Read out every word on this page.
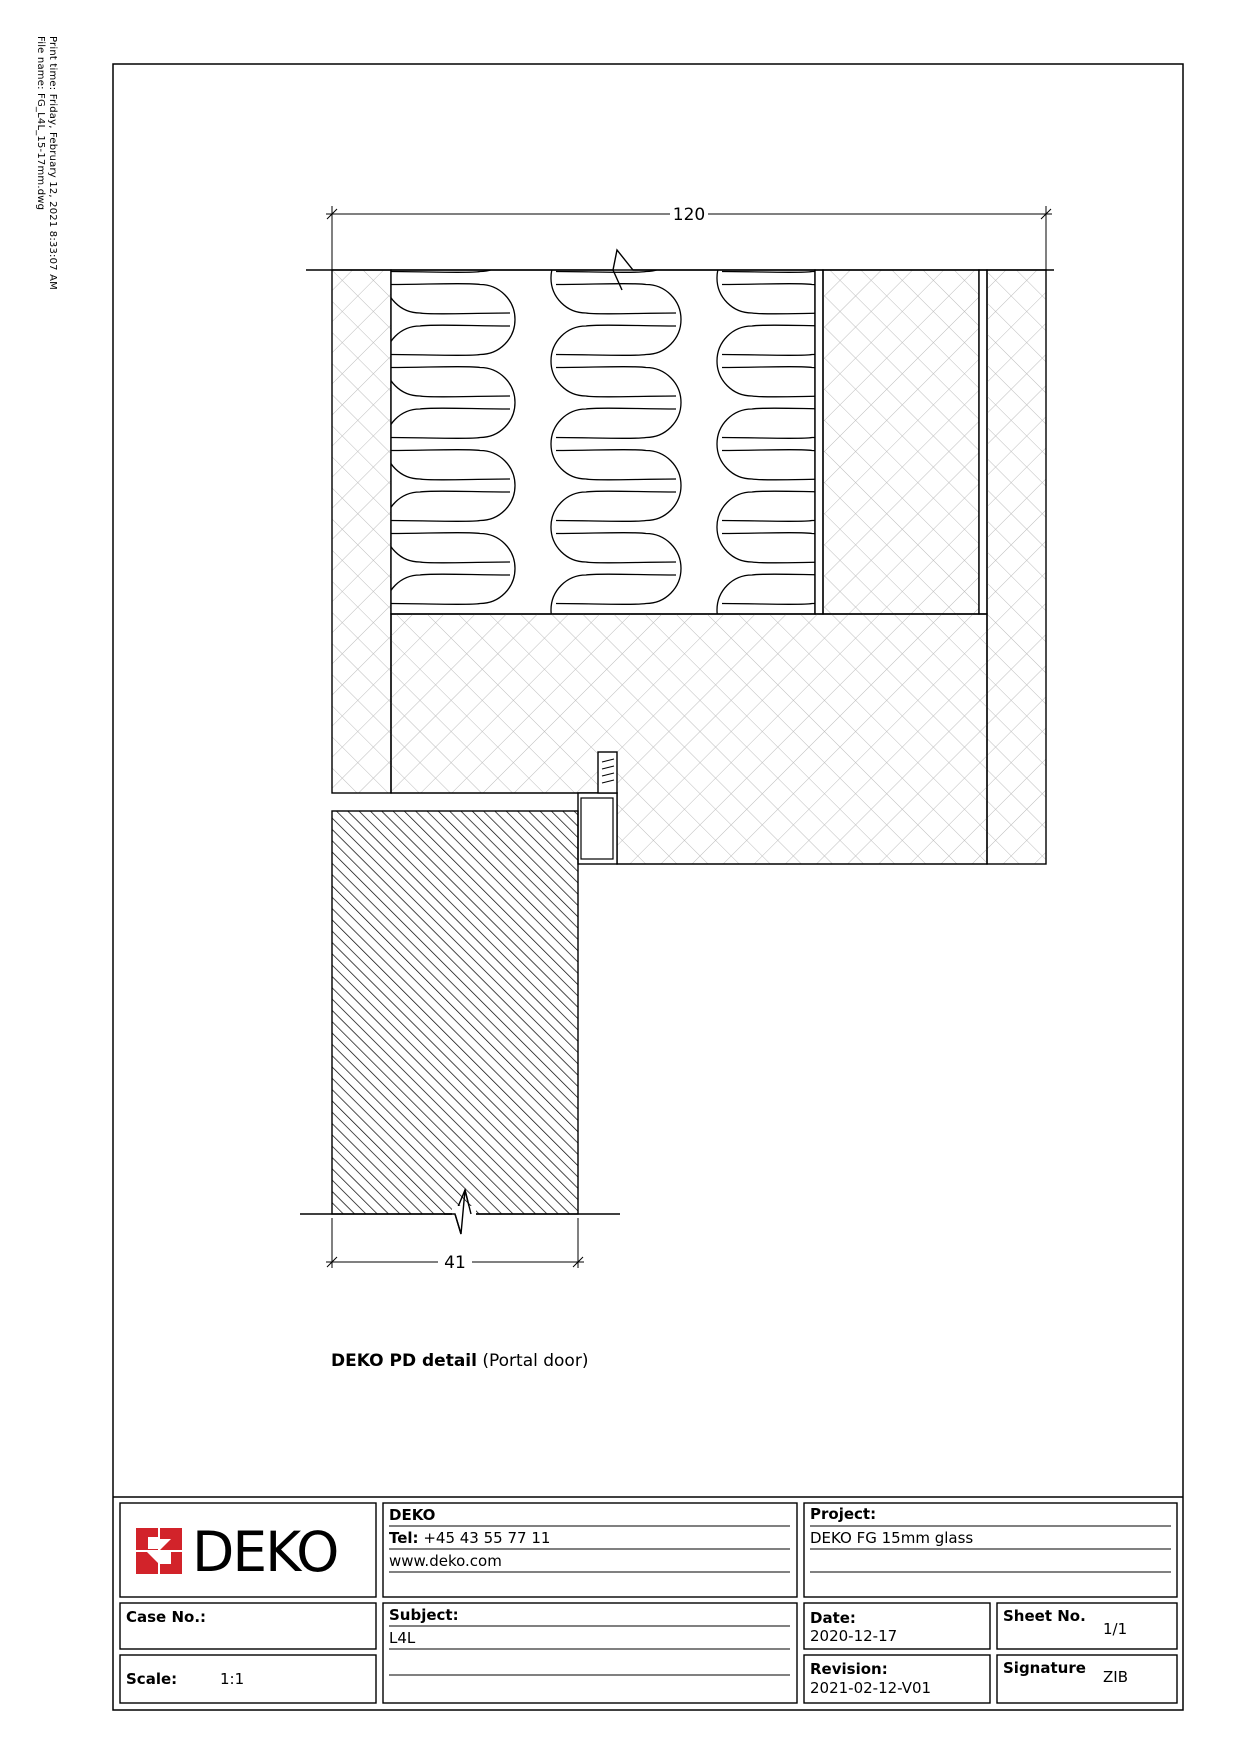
Print time: Friday, February 12, 2021 8:33:07 AM
File name: FG_L4L_15-17mm.dwg
120
41
DEKO PD detail (Portal door)
DEKO
DEKO
Tel: +45 43 55 77 11
www.deko.com
Project:
DEKO FG 15mm glass
Case No.:
Scale:	1:1
Subject:
L4L
Date:
2020-12-17
Sheet No.
1/1
Revision:
2021-02-12-V01
Signature ZIB
